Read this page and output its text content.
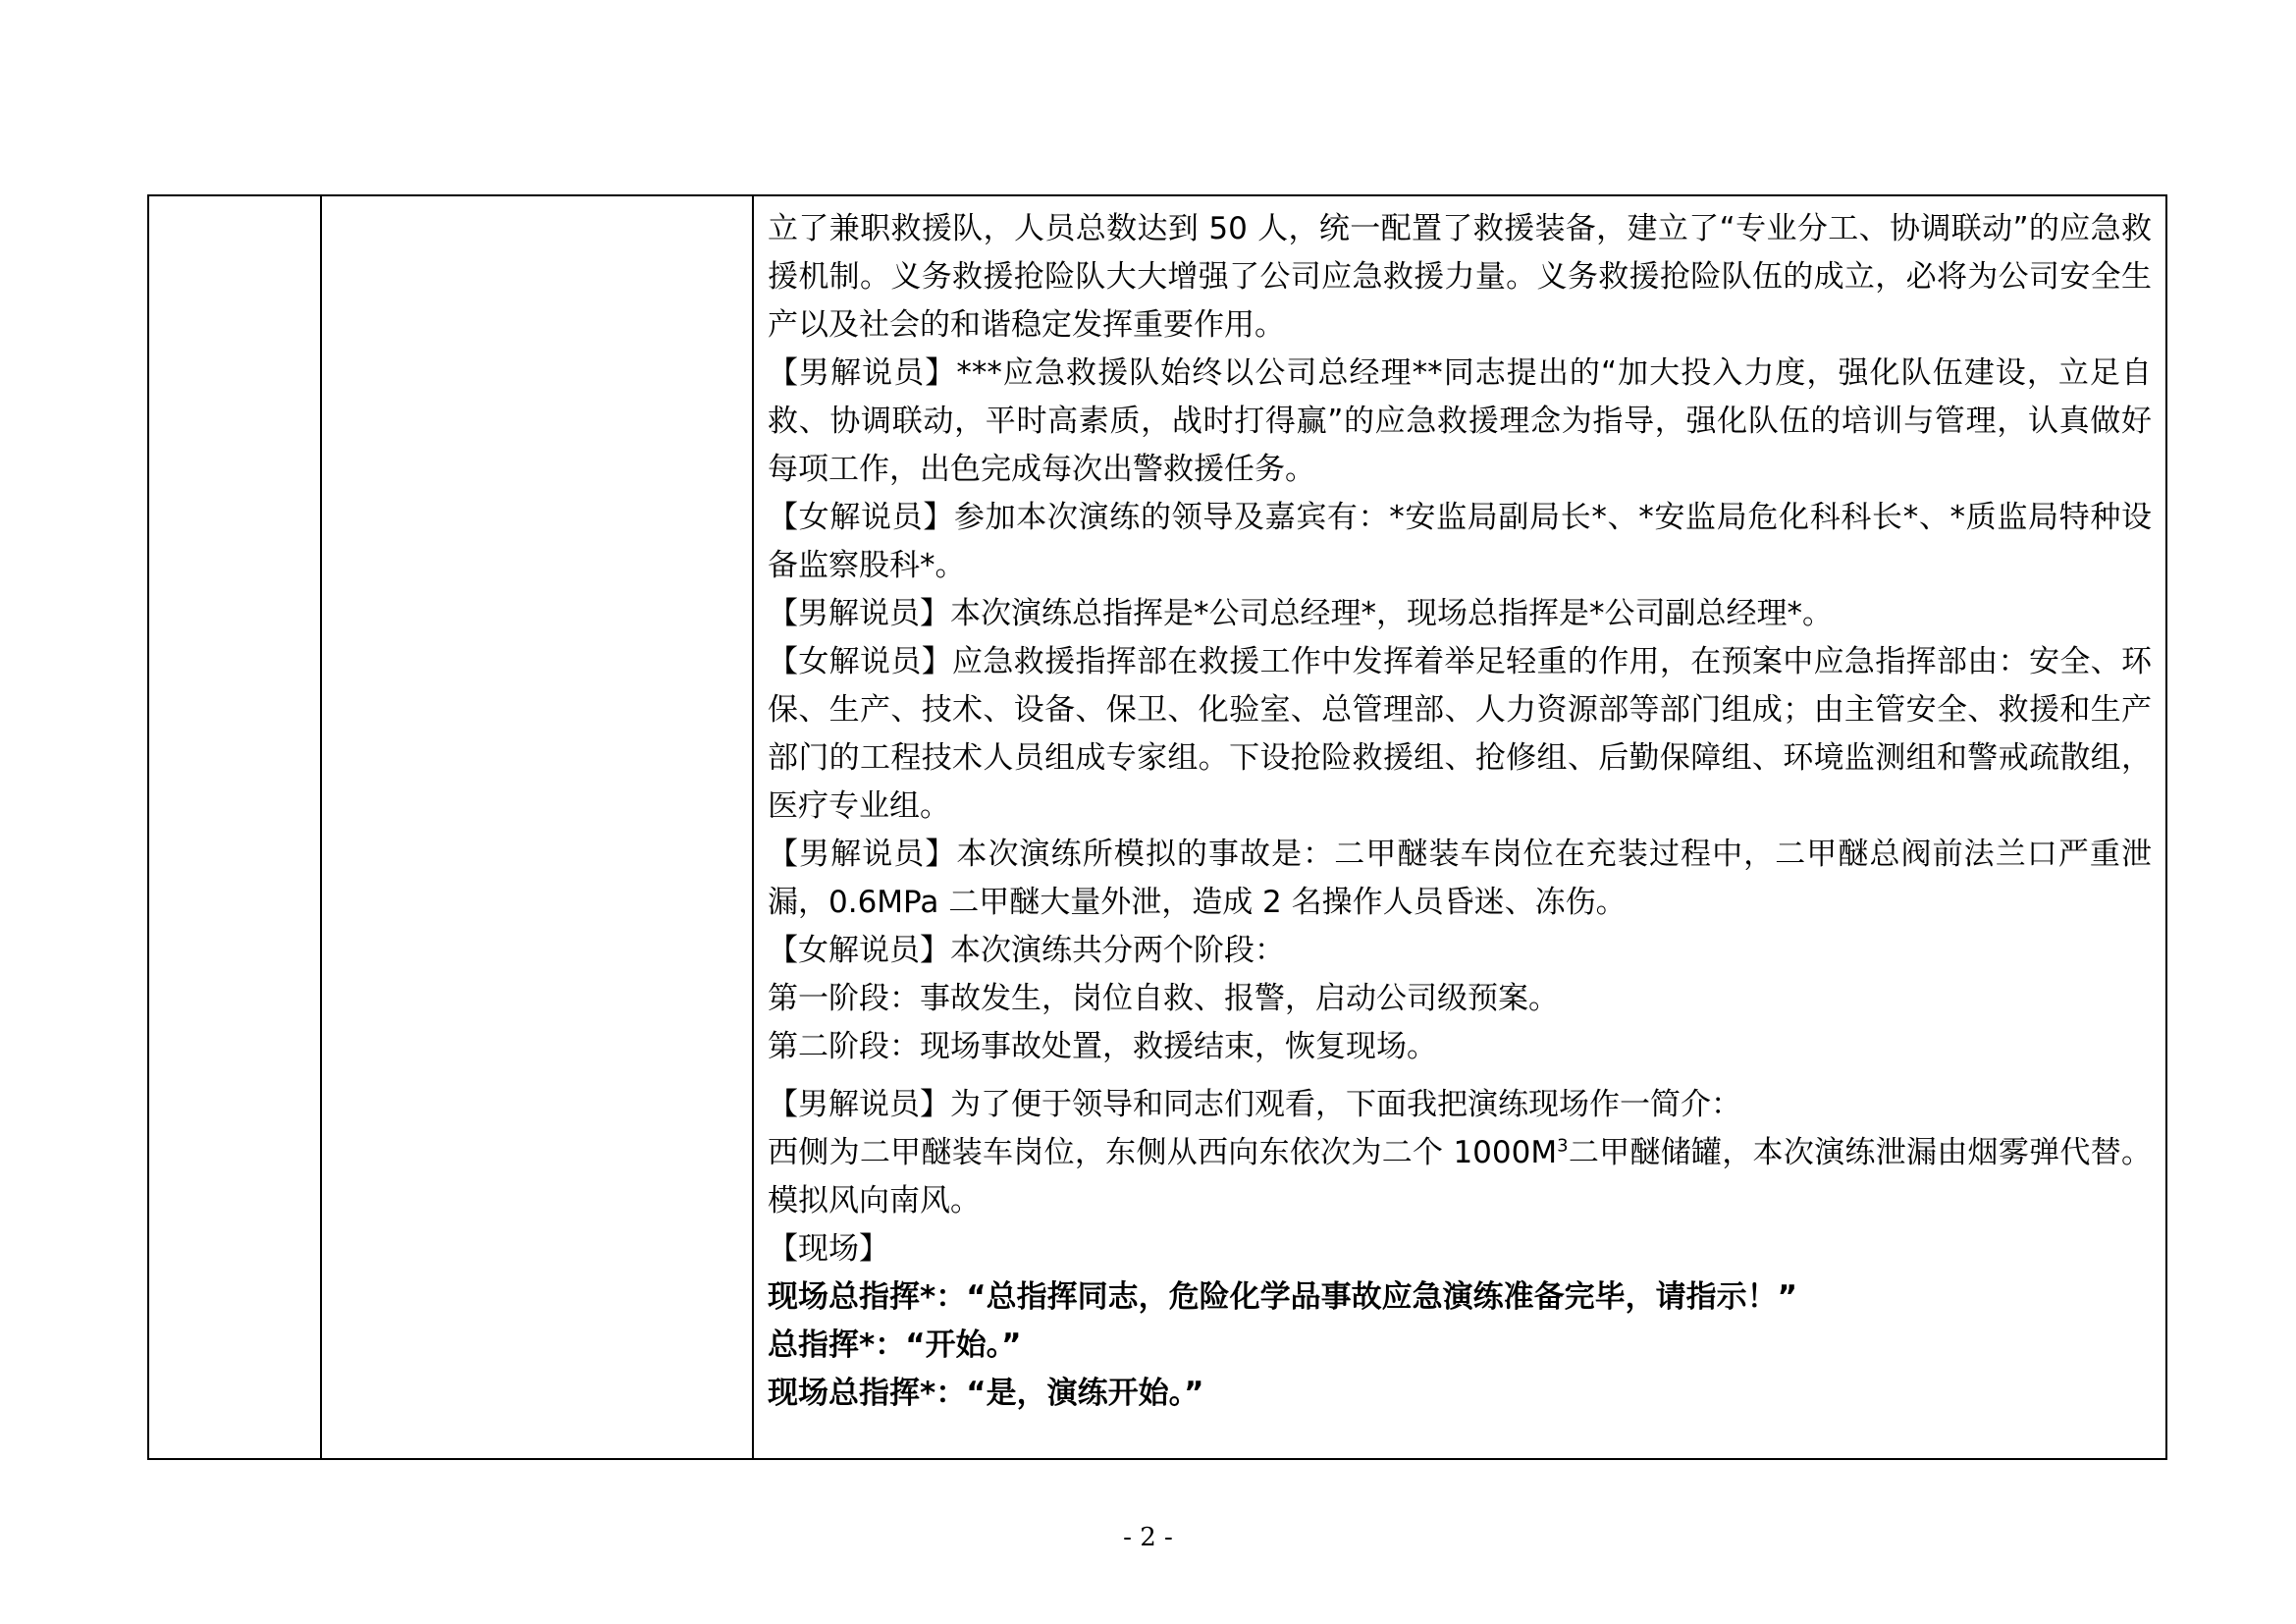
立了兼职救援队，人员总数达到 50 人，统一配置了救援装备，建立了“专业分工、协调联动”的应急救援机制。义务救援抢险队大大增强了公司应急救援力量。义务救援抢险队伍的成立，必将为公司安全生产以及社会的和谐稳定发挥重要作用。

【男解说员】***应急救援队始终以公司总经理**同志提出的“加大投入力度，强化队伍建设，立足自救、协调联动，平时高素质，战时打得赢”的应急救援理念为指导，强化队伍的培训与管理，认真做好每项工作，出色完成每次出警救援任务。

【女解说员】参加本次演练的领导及嘉宾有：*安监局副局长*、*安监局危化科科长*、*质监局特种设备监察股科*。

【男解说员】本次演练总指挥是*公司总经理*，现场总指挥是*公司副总经理*。

【女解说员】应急救援指挥部在救援工作中发挥着举足轻重的作用，在预案中应急指挥部由：安全、环保、生产、技术、设备、保卫、化验室、总管理部、人力资源部等部门组成；由主管安全、救援和生产部门的工程技术人员组成专家组。下设抢险救援组、抢修组、后勤保障组、环境监测组和警戒疏散组，医疗专业组。

【男解说员】本次演练所模拟的事故是：二甲醚装车岗位在充装过程中，二甲醚总阀前法兰口严重泄漏，0.6MPa 二甲醚大量外泄，造成 2 名操作人员昏迷、冻伤。

【女解说员】本次演练共分两个阶段：

第一阶段：事故发生，岗位自救、报警，启动公司级预案。

第二阶段：现场事故处置，救援结束，恢复现场。

【男解说员】为了便于领导和同志们观看，下面我把演练现场作一简介：

西侧为二甲醚装车岗位，东侧从西向东依次为二个 $1000M^3$二甲醚储罐，本次演练泄漏由烟雾弹代替。模拟风向南风。

【现场】

现场总指挥*：“总指挥同志，危险化学品事故应急演练准备完毕，请指示！”

总指挥*：“开始。”

现场总指挥*：“是，演练开始。”

- 2 -
